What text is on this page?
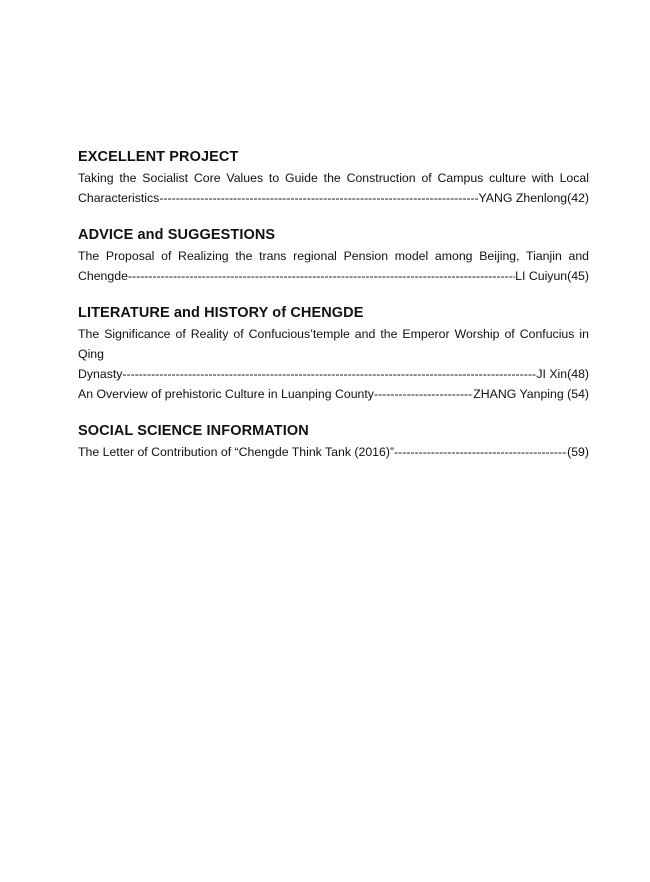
EXCELLENT PROJECT
Taking the Socialist Core Values to Guide the Construction of Campus culture with Local
Characteristics -----	YANG Zhenlong(42)
ADVICE and SUGGESTIONS
The Proposal of Realizing the trans regional Pension model among Beijing, Tianjin and
Chengde -----	LI Cuiyun(45)
LITERATURE and HISTORY of CHENGDE
The Significance of Reality of Confucious’temple and the Emperor Worship of Confucius in Qing
Dynasty -----	JI Xin(48)
An Overview of prehistoric Culture in Luanping County -----	ZHANG Yanping (54)
SOCIAL SCIENCE INFORMATION
The Letter of Contribution of “Chengde Think Tank (2016)” -----	(59)
